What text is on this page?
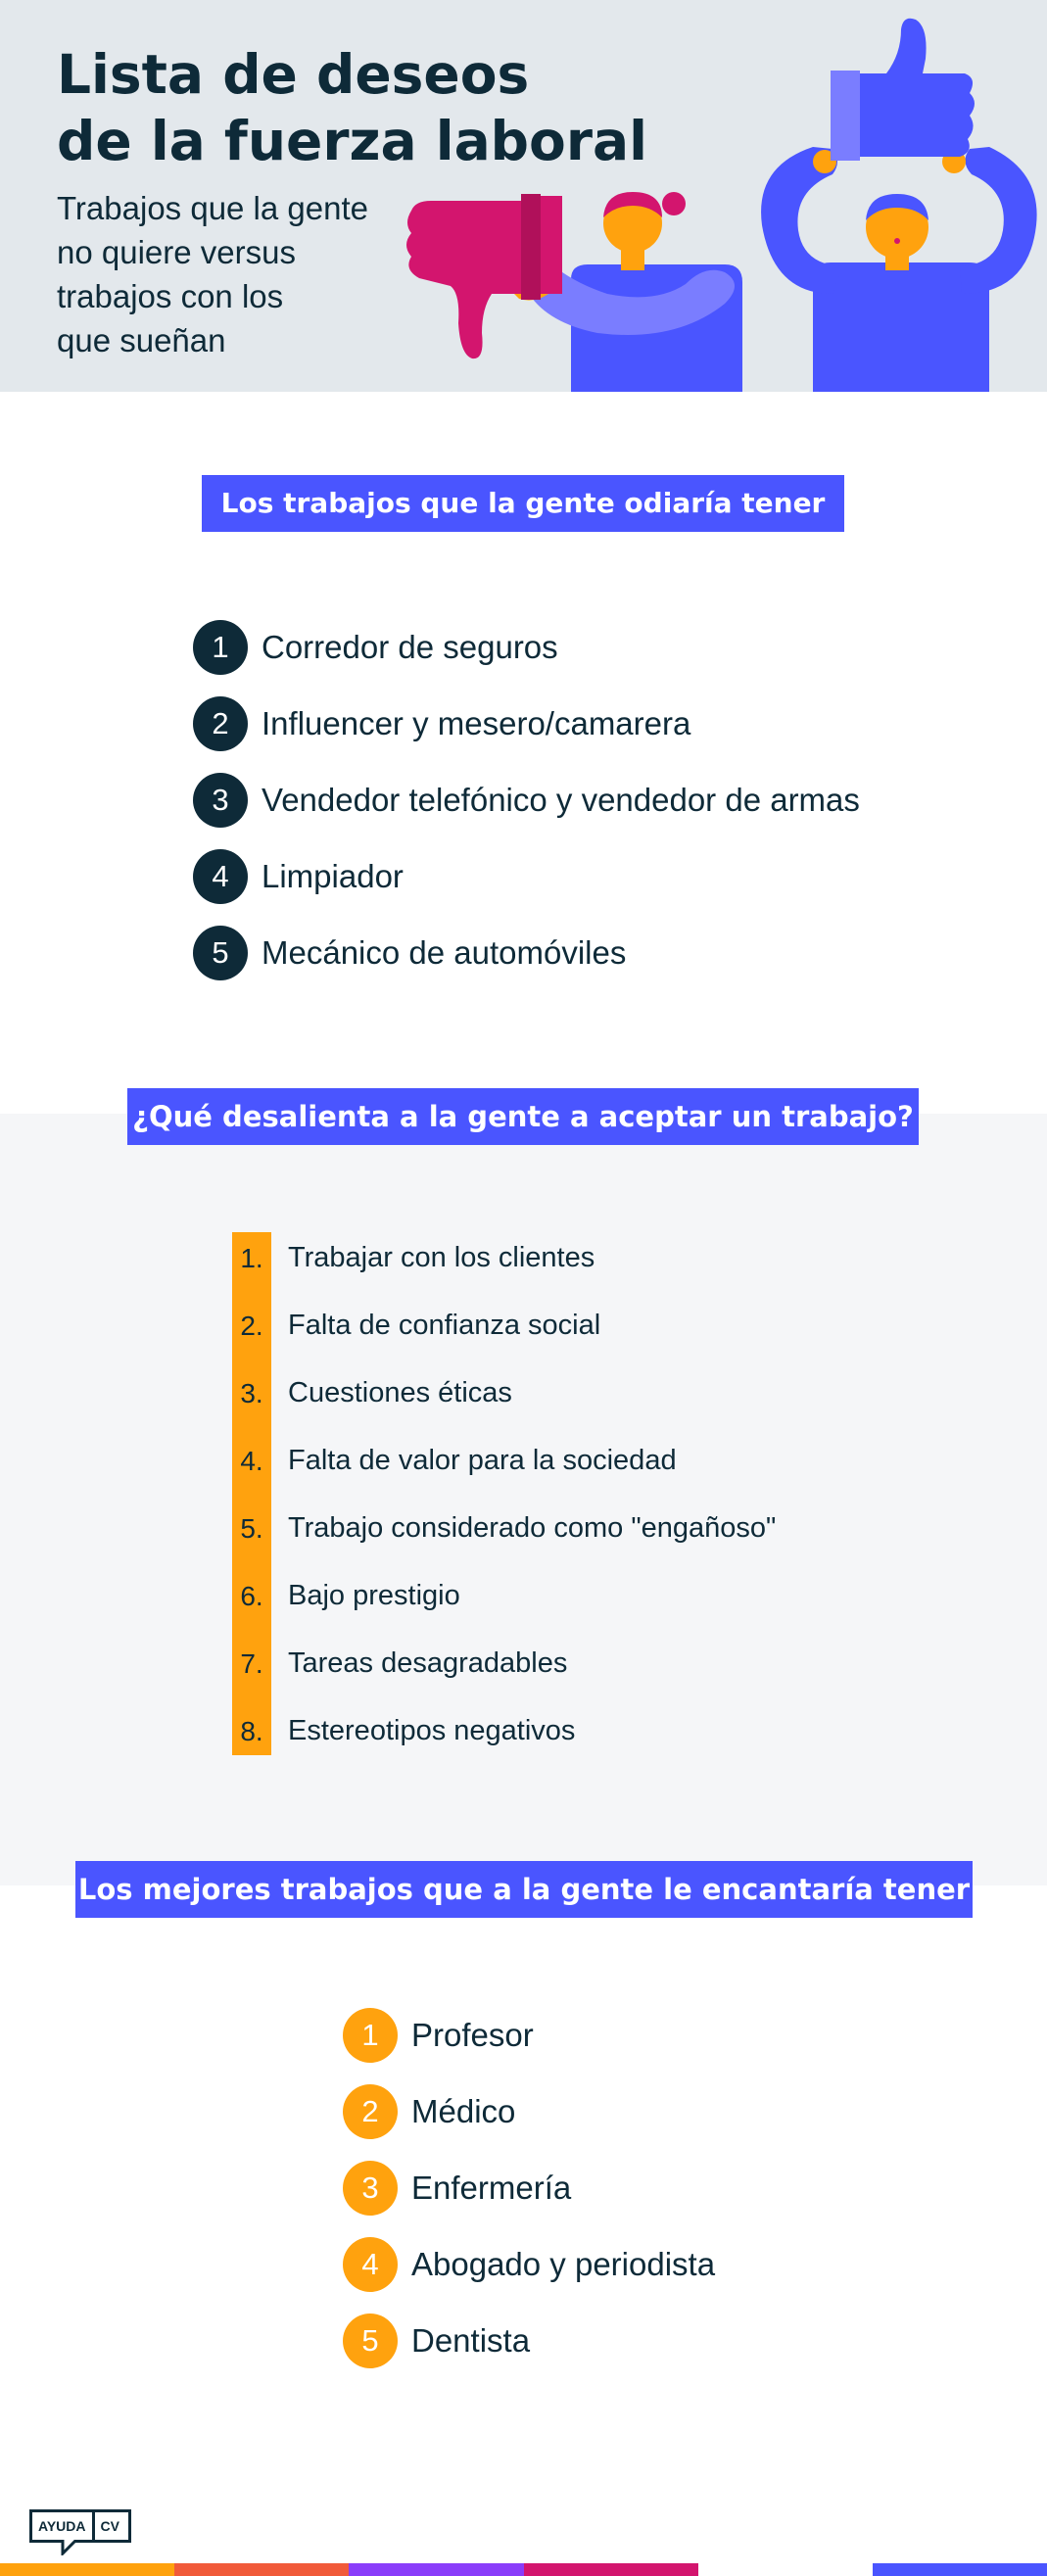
Lista de deseos
de la fuerza laboral

Trabajos que la gente
no quiere versus
trabajos con los
que sueñan

Los trabajos que la gente odiaría tener
1	Corredor de seguros
2	Influencer y mesero/camarera
3	Vendedor telefónico y vendedor de armas
4	Limpiador
5	Mecánico de automóviles
¿Qué desalienta a la gente a aceptar un trabajo?
1. Trabajar con los clientes
2. Falta de confianza social
3. Cuestiones éticas
4. Falta de valor para la sociedad
5. Trabajo considerado como "engañoso"
6. Bajo prestigio
7. Tareas desagradables
8. Estereotipos negativos
Los mejores trabajos que a la gente le encantaría tener
1	Profesor
2	Médico
3	Enfermería
4	Abogado y periodista
5	Dentista
AYUDA	CV
